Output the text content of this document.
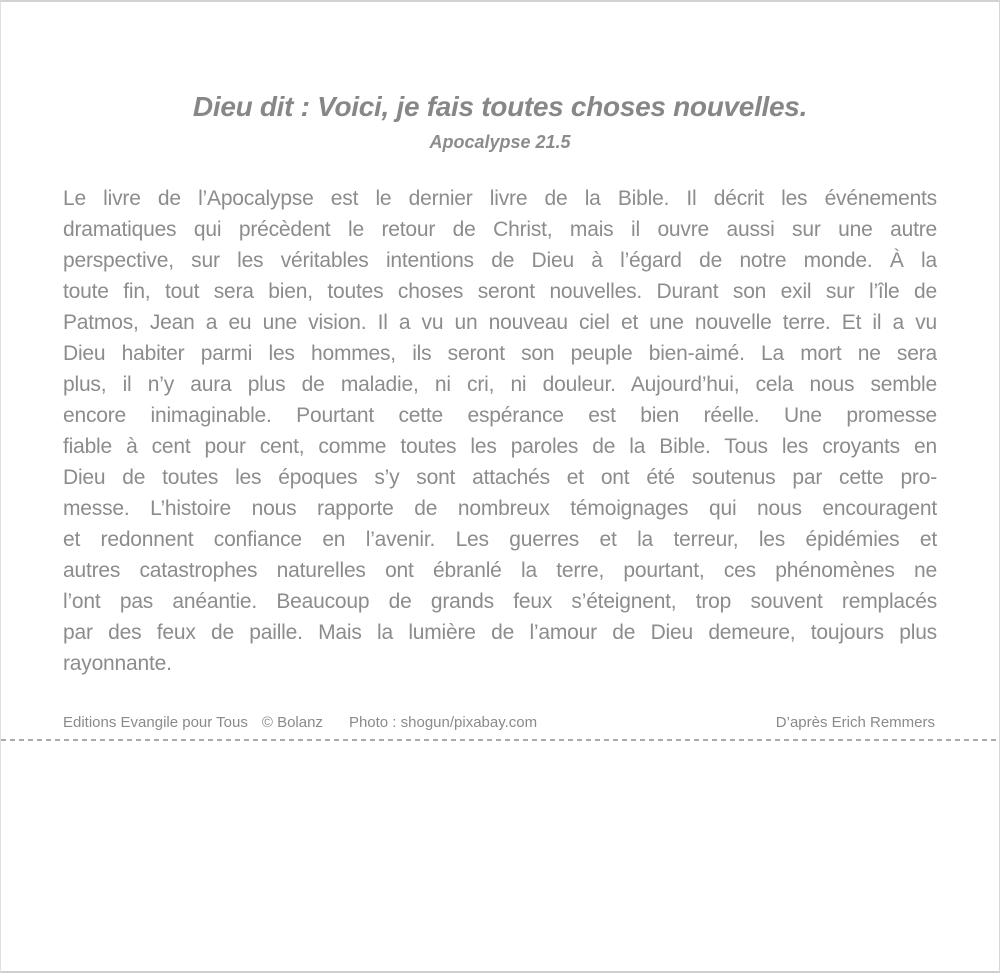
Dieu dit : Voici, je fais toutes choses nouvelles.
Apocalypse 21.5
Le livre de l’Apocalypse est le dernier livre de la Bible. Il décrit les événements
dramatiques qui précèdent le retour de Christ, mais il ouvre aussi sur une autre
perspective, sur les véritables intentions de Dieu à l’égard de notre monde. À la
toute fin, tout sera bien, toutes choses seront nouvelles. Durant son exil sur l’île de
Patmos, Jean a eu une vision. Il a vu un nouveau ciel et une nouvelle terre. Et il a vu
Dieu habiter parmi les hommes, ils seront son peuple bien-aimé. La mort ne sera
plus, il n’y aura plus de maladie, ni cri, ni douleur. Aujourd’hui, cela nous semble
encore inimaginable. Pourtant cette espérance est bien réelle. Une promesse
fiable à cent pour cent, comme toutes les paroles de la Bible. Tous les croyants en
Dieu de toutes les époques s’y sont attachés et ont été soutenus par cette pro-
messe. L’histoire nous rapporte de nombreux témoignages qui nous encouragent
et redonnent confiance en l’avenir. Les guerres et la terreur, les épidémies et
autres catastrophes naturelles ont ébranlé la terre, pourtant, ces phénomènes ne
l’ont pas anéantie. Beaucoup de grands feux s’éteignent, trop souvent remplacés
par des feux de paille. Mais la lumière de l’amour de Dieu demeure, toujours plus
rayonnante.
Editions Evangile pour Tous © Bolanz Photo : shogun/pixabay.com	D’après Erich Remmers
